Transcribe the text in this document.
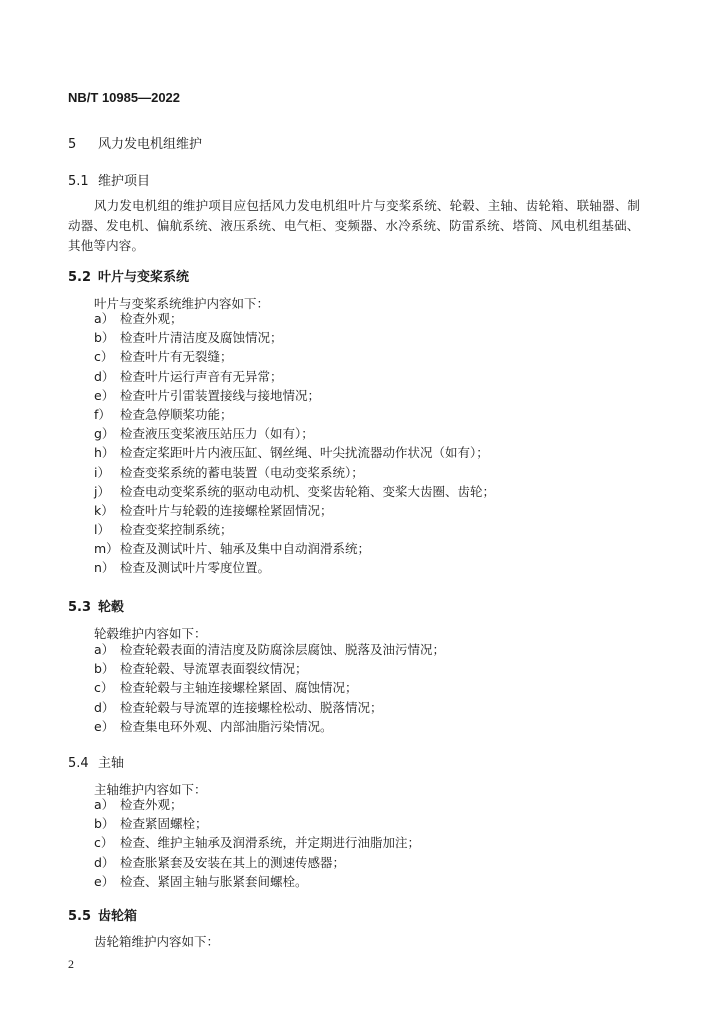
NB/T 10985—2022
5 风力发电机组维护
5.1 维护项目
风力发电机组的维护项目应包括风力发电机组叶片与变桨系统、轮毂、主轴、齿轮箱、联轴器、制
动器、发电机、偏航系统、液压系统、电气柜、变频器、水冷系统、防雷系统、塔筒、风电机组基础、
其他等内容。
5.2 叶片与变桨系统
叶片与变桨系统维护内容如下：
a） 检查外观；
b） 检查叶片清洁度及腐蚀情况；
c） 检查叶片有无裂缝；
d） 检查叶片运行声音有无异常；
e） 检查叶片引雷装置接线与接地情况；
f） 检查急停顺桨功能；
g） 检查液压变桨液压站压力（如有）；
h） 检查定桨距叶片内液压缸、钢丝绳、叶尖扰流器动作状况（如有）；
i） 检查变桨系统的蓄电装置（电动变桨系统）；
j） 检查电动变桨系统的驱动电动机、变桨齿轮箱、变桨大齿圈、齿轮；
k） 检查叶片与轮毂的连接螺栓紧固情况；
l） 检查变桨控制系统；
m）检查及测试叶片、轴承及集中自动润滑系统；
n） 检查及测试叶片零度位置。
5.3 轮毂
轮毂维护内容如下：
a） 检查轮毂表面的清洁度及防腐涂层腐蚀、脱落及油污情况；
b） 检查轮毂、导流罩表面裂纹情况；
c） 检查轮毂与主轴连接螺栓紧固、腐蚀情况；
d） 检查轮毂与导流罩的连接螺栓松动、脱落情况；
e） 检查集电环外观、内部油脂污染情况。
5.4 主轴
主轴维护内容如下：
a） 检查外观；
b） 检查紧固螺栓；
c） 检查、维护主轴承及润滑系统，并定期进行油脂加注；
d） 检查胀紧套及安装在其上的测速传感器；
e） 检查、紧固主轴与胀紧套间螺栓。
5.5 齿轮箱
齿轮箱维护内容如下：
2
